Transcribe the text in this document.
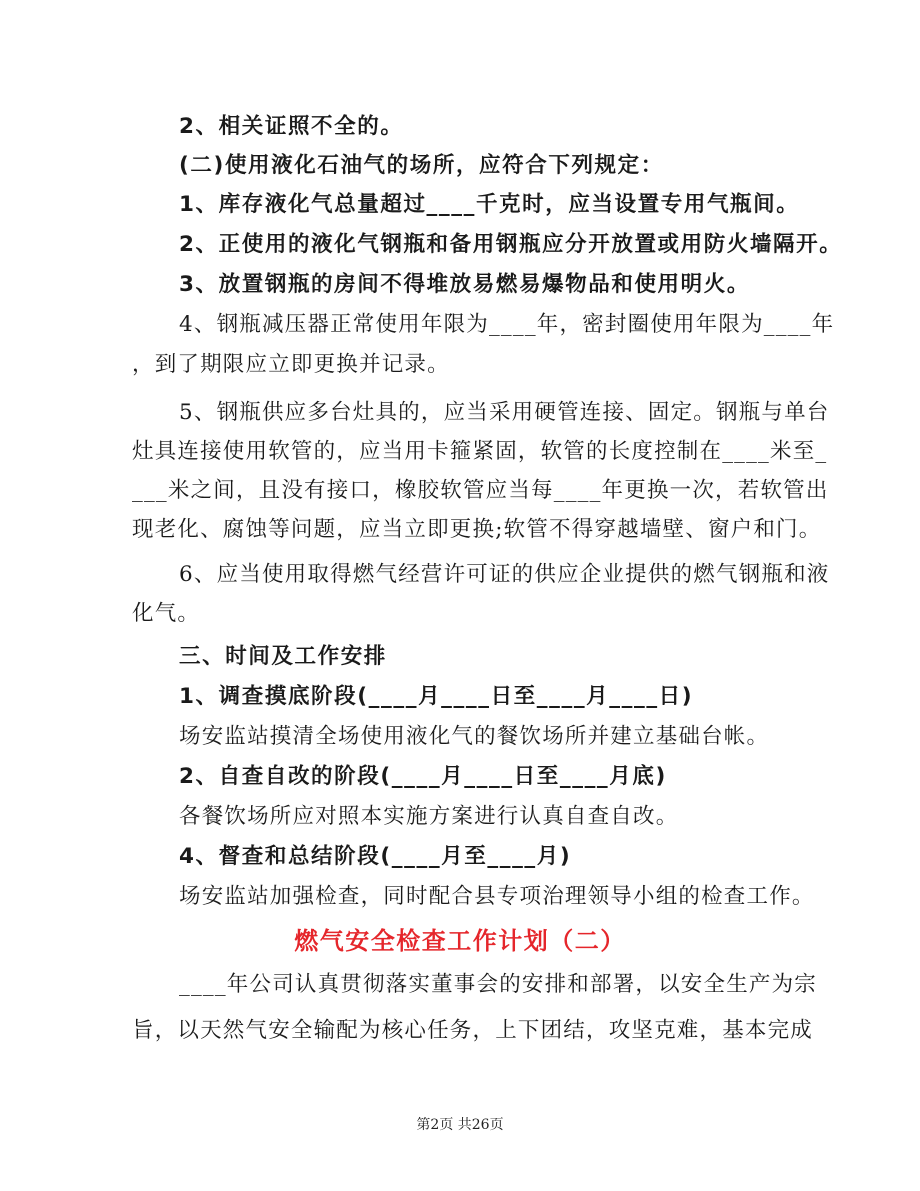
2、相关证照不全的。
(二)使用液化石油气的场所，应符合下列规定：
1、库存液化气总量超过____千克时，应当设置专用气瓶间。
2、正使用的液化气钢瓶和备用钢瓶应分开放置或用防火墙隔开。
3、放置钢瓶的房间不得堆放易燃易爆物品和使用明火。
4、钢瓶减压器正常使用年限为____年，密封圈使用年限为____年
，到了期限应立即更换并记录。
5、钢瓶供应多台灶具的，应当采用硬管连接、固定。钢瓶与单台
灶具连接使用软管的，应当用卡箍紧固，软管的长度控制在____米至_
___米之间，且没有接口，橡胶软管应当每____年更换一次，若软管出
现老化、腐蚀等问题，应当立即更换;软管不得穿越墙壁、窗户和门。
6、应当使用取得燃气经营许可证的供应企业提供的燃气钢瓶和液
化气。
三、时间及工作安排
1、调查摸底阶段(____月____日至____月____日)
场安监站摸清全场使用液化气的餐饮场所并建立基础台帐。
2、自查自改的阶段(____月____日至____月底)
各餐饮场所应对照本实施方案进行认真自查自改。
4、督查和总结阶段(____月至____月)
场安监站加强检查，同时配合县专项治理领导小组的检查工作。
燃气安全检查工作计划（二）
____年公司认真贯彻落实董事会的安排和部署，以安全生产为宗
旨，以天然气安全输配为核心任务，上下团结，攻坚克难，基本完成
第2页 共26页
